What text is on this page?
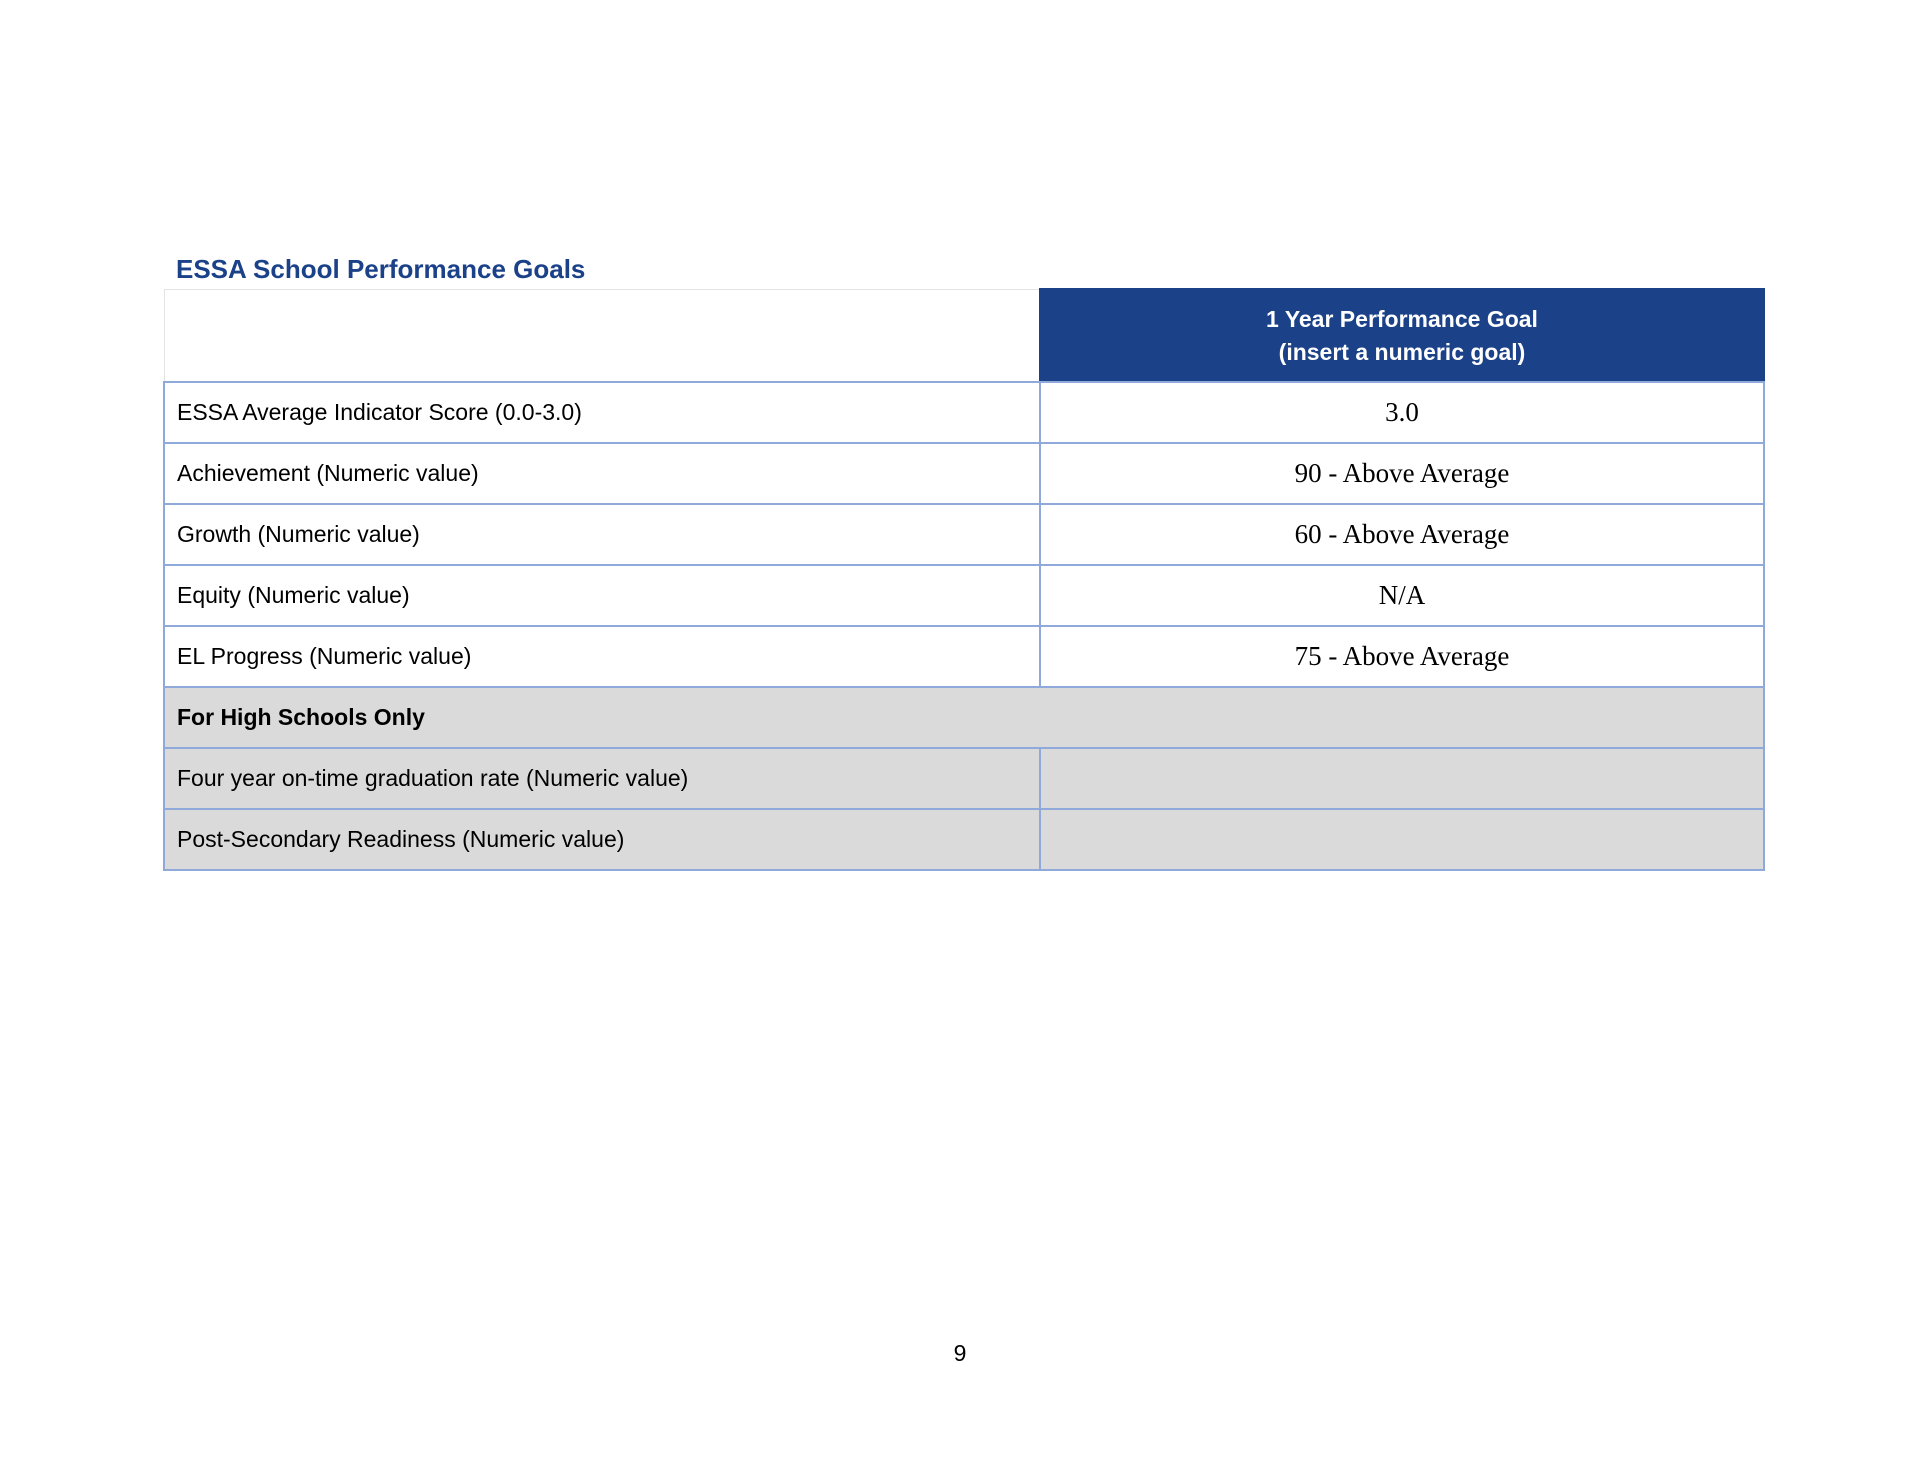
ESSA School Performance Goals

	1 Year Performance Goal
(insert a numeric goal)

ESSA Average Indicator Score (0.0-3.0)	3.0
Achievement (Numeric value)	90 - Above Average
Growth (Numeric value)	60 - Above Average
Equity (Numeric value)	N/A
EL Progress (Numeric value)	75 - Above Average
For High Schools Only	
Four year on-time graduation rate (Numeric value)	
Post-Secondary Readiness (Numeric value)	
9
